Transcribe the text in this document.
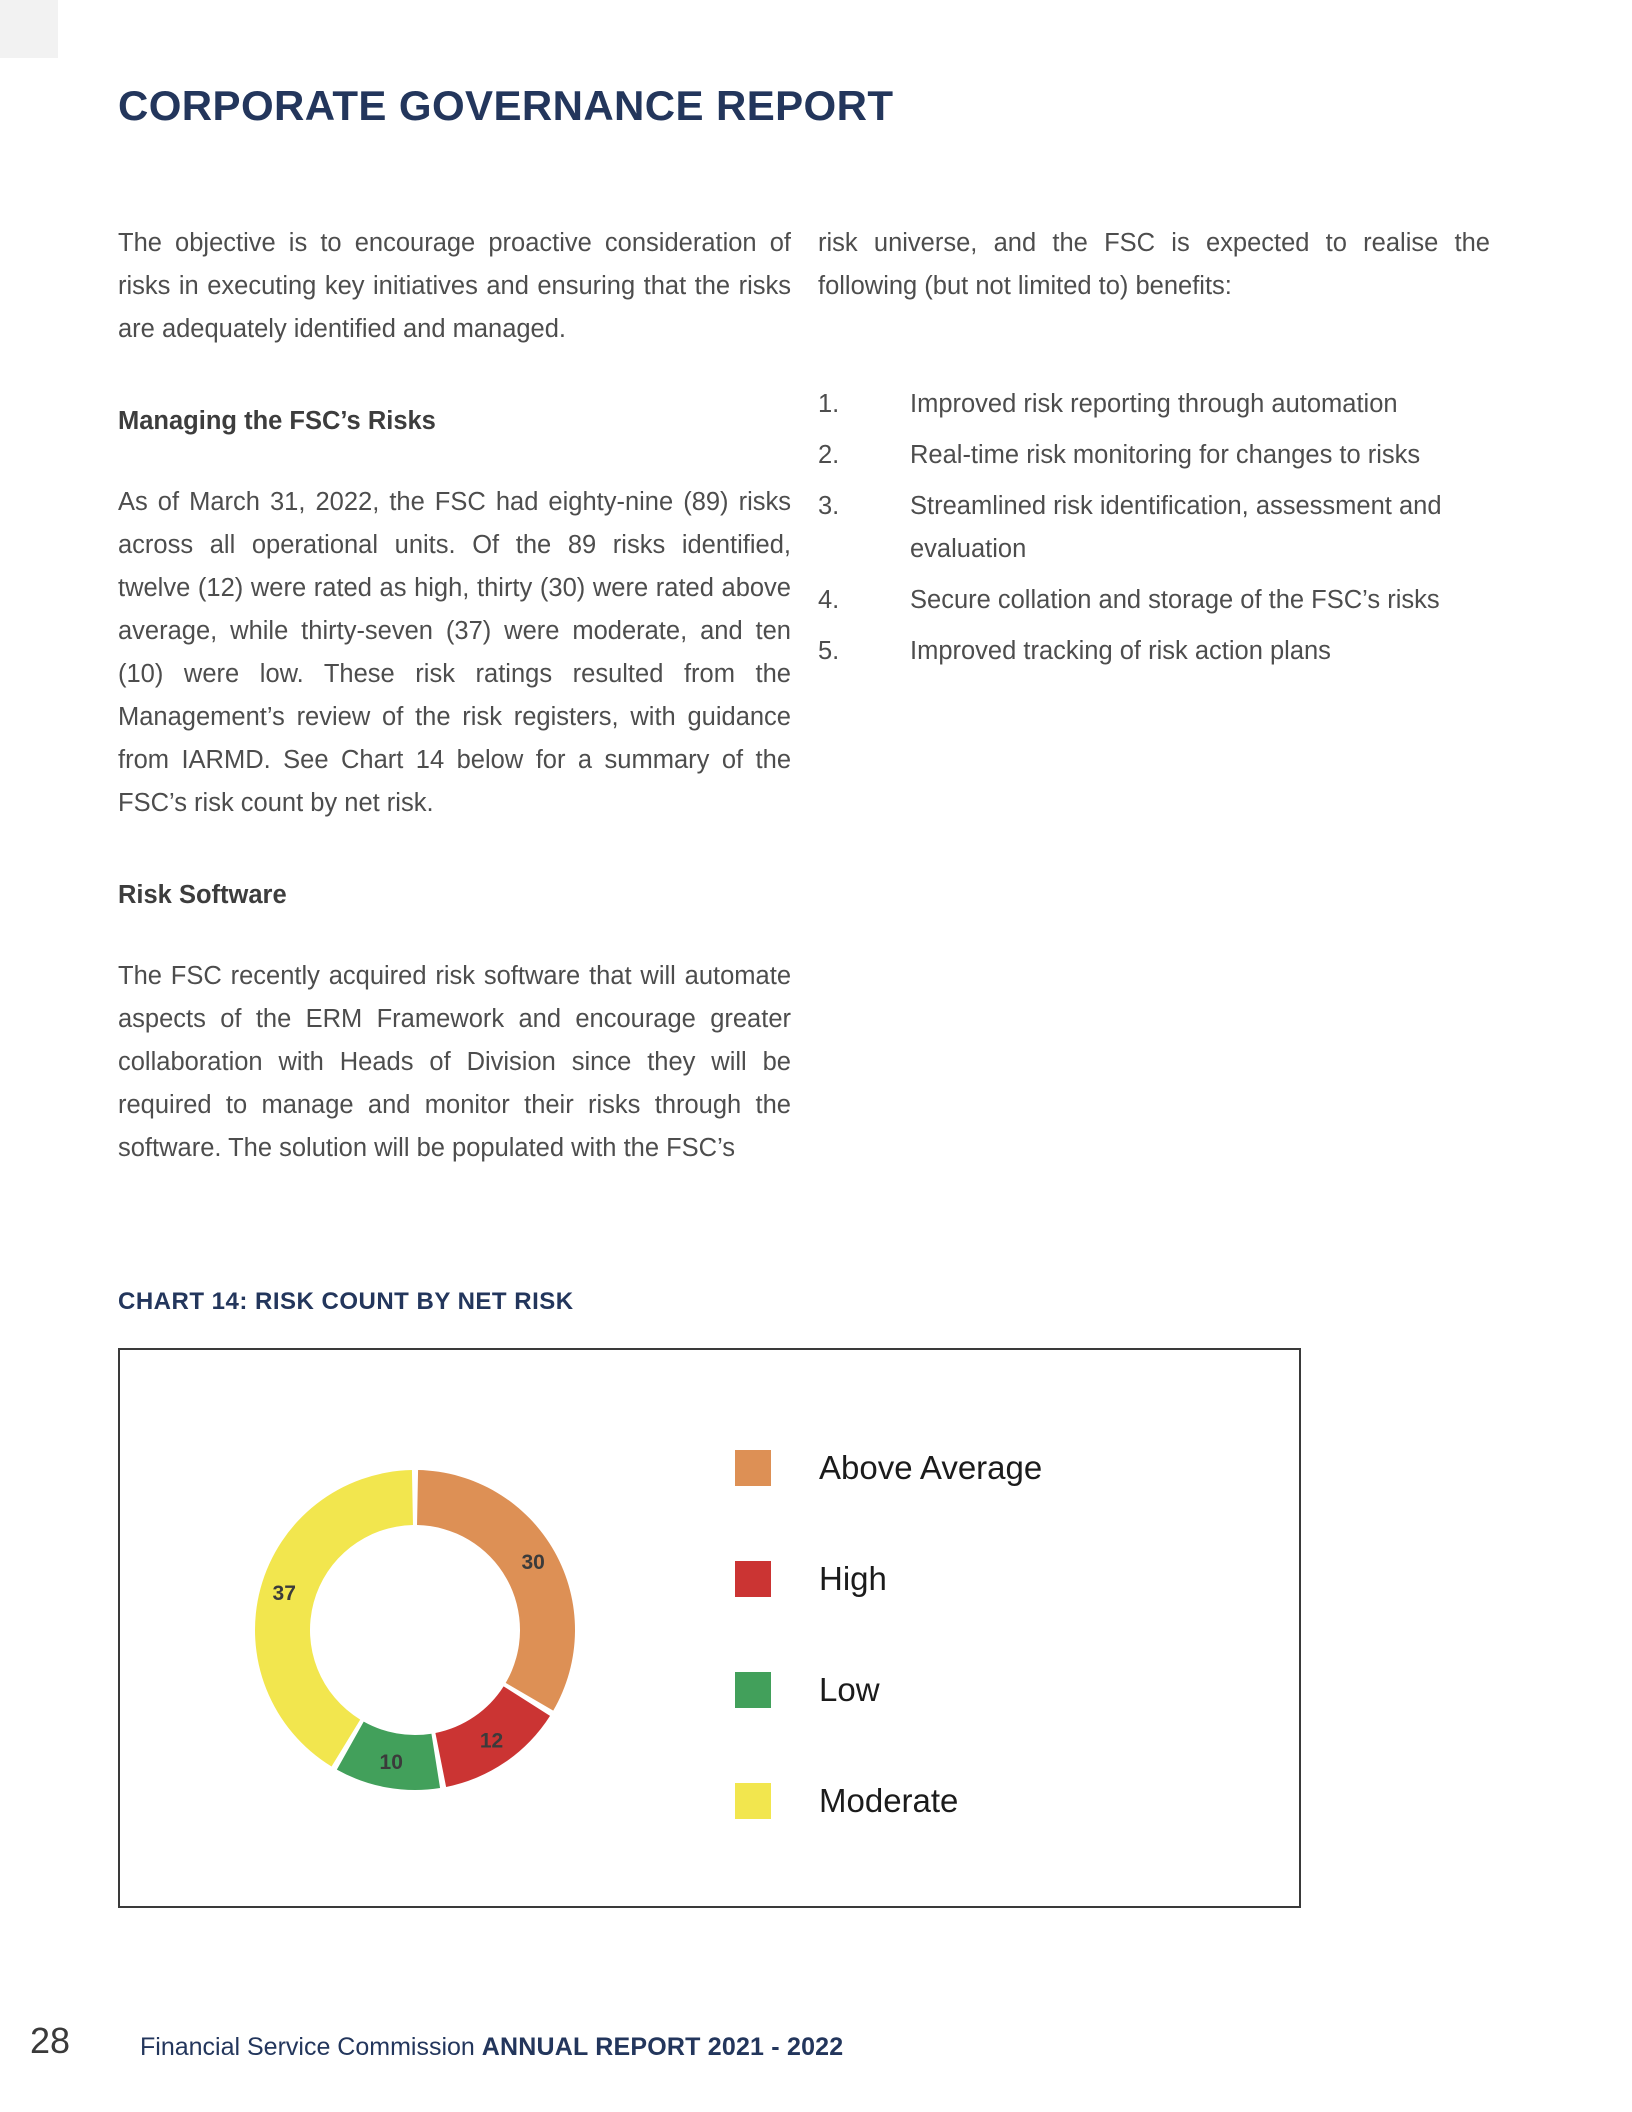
CORPORATE GOVERNANCE REPORT

The objective is to encourage proactive consideration of risks in executing key initiatives and ensuring that the risks are adequately identified and managed.

Managing the FSC’s Risks

As of March 31, 2022, the FSC had eighty-nine (89) risks across all operational units. Of the 89 risks identified, twelve (12) were rated as high, thirty (30) were rated above average, while thirty-seven (37) were moderate, and ten (10) were low. These risk ratings resulted from the Management’s review of the risk registers, with guidance from IARMD. See Chart 14 below for a summary of the FSC’s risk count by net risk.

Risk Software

The FSC recently acquired risk software that will automate aspects of the ERM Framework and encourage greater collaboration with Heads of Division since they will be required to manage and monitor their risks through the software. The solution will be populated with the FSC’s

risk universe, and the FSC is expected to realise the following (but not limited to) benefits:

1.	Improved risk reporting through automation
2.	Real-time risk monitoring for changes to risks
3.	Streamlined risk identification, assessment and evaluation
4.	Secure collation and storage of the FSC’s risks
5.	Improved tracking of risk action plans
CHART 14: RISK COUNT BY NET RISK
30
12
10
37
Above Average
High
Low
Moderate
28	Financial Service Commission ANNUAL REPORT 2021 - 2022
